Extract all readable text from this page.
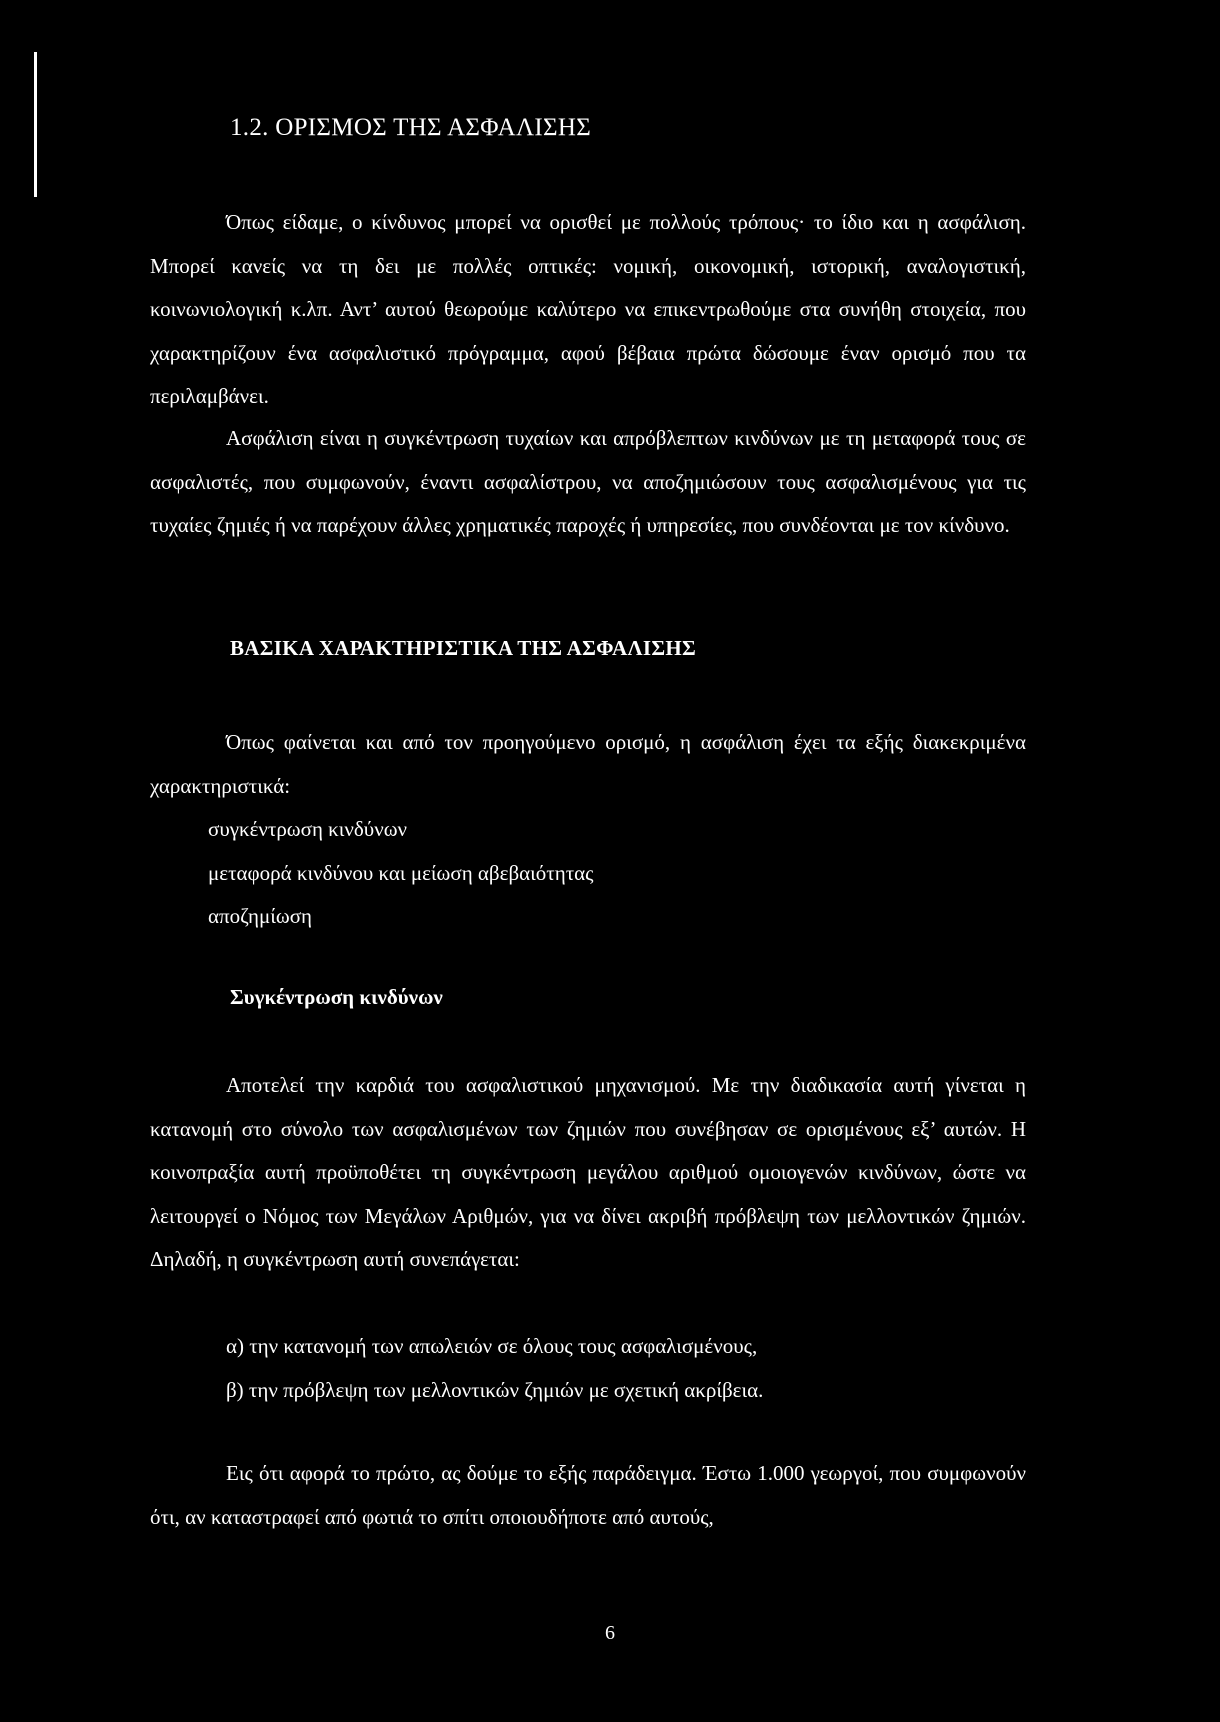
1.2. ΟΡΙΣΜΟΣ ΤΗΣ ΑΣΦΑΛΙΣΗΣ

Όπως είδαμε, ο κίνδυνος μπορεί να ορισθεί με πολλούς τρόπους· το ίδιο και η ασφάλιση. Μπορεί κανείς να τη δει με πολλές οπτικές: νομική, οικονομική, ιστορική, αναλογιστική, κοινωνιολογική κ.λπ. Αντ’ αυτού θεωρούμε καλύτερο να επικεντρωθούμε στα συνήθη στοιχεία, που χαρακτηρίζουν ένα ασφαλιστικό πρόγραμμα, αφού βέβαια πρώτα δώσουμε έναν ορισμό που τα περιλαμβάνει.

Ασφάλιση είναι η συγκέντρωση τυχαίων και απρόβλεπτων κινδύνων με τη μεταφορά τους σε ασφαλιστές, που συμφωνούν, έναντι ασφαλίστρου, να αποζημιώσουν τους ασφαλισμένους για τις τυχαίες ζημιές ή να παρέχουν άλλες χρηματικές παροχές ή υπηρεσίες, που συνδέονται με τον κίνδυνο.

ΒΑΣΙΚΑ ΧΑΡΑΚΤΗΡΙΣΤΙΚΑ ΤΗΣ ΑΣΦΑΛΙΣΗΣ

Όπως φαίνεται και από τον προηγούμενο ορισμό, η ασφάλιση έχει τα εξής διακεκριμένα χαρακτηριστικά:

συγκέντρωση κινδύνων
μεταφορά κινδύνου και μείωση αβεβαιότητας
αποζημίωση
Συγκέντρωση κινδύνων

Αποτελεί την καρδιά του ασφαλιστικού μηχανισμού. Με την διαδικασία αυτή γίνεται η κατανομή στο σύνολο των ασφαλισμένων των ζημιών που συνέβησαν σε ορισμένους εξ’ αυτών. Η κοινοπραξία αυτή προϋποθέτει τη συγκέντρωση μεγάλου αριθμού ομοιογενών κινδύνων, ώστε να λειτουργεί ο Νόμος των Μεγάλων Αριθμών, για να δίνει ακριβή πρόβλεψη των μελλοντικών ζημιών. Δηλαδή, η συγκέντρωση αυτή συνεπάγεται:

α) την κατανομή των απωλειών σε όλους τους ασφαλισμένους,
β) την πρόβλεψη των μελλοντικών ζημιών με σχετική ακρίβεια.

Εις ότι αφορά το πρώτο, ας δούμε το εξής παράδειγμα. Έστω 1.000 γεωργοί, που συμφωνούν ότι, αν καταστραφεί από φωτιά το σπίτι οποιουδήποτε από αυτούς,

6
